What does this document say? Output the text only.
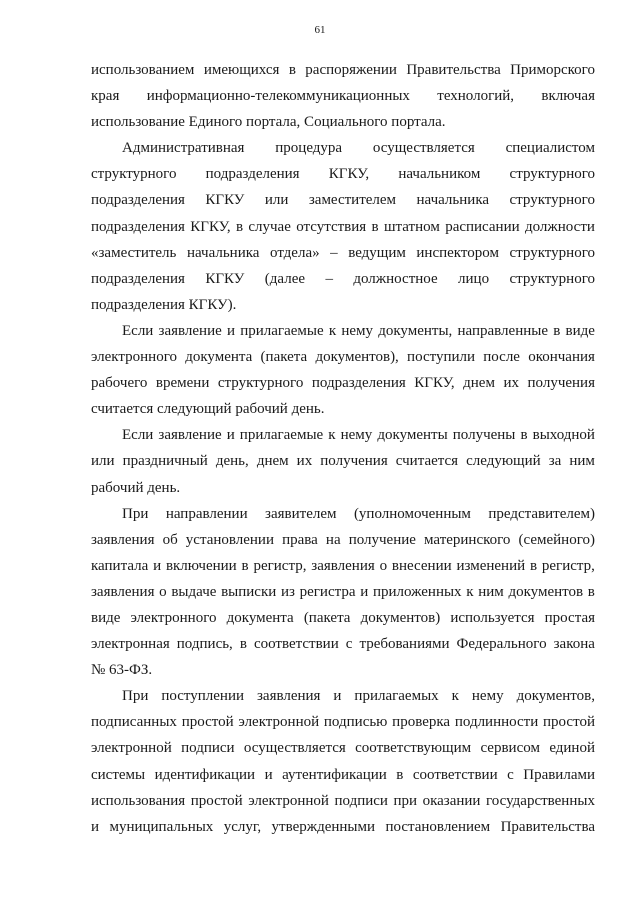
61
использованием имеющихся в распоряжении Правительства Приморского
края информационно-телекоммуникационных технологий, включая
использование Единого портала, Социального портала.
Административная процедура осуществляется специалистом
структурного подразделения КГКУ, начальником структурного
подразделения КГКУ или заместителем начальника структурного
подразделения КГКУ, в случае отсутствия в штатном расписании должности
«заместитель начальника отдела» – ведущим инспектором структурного
подразделения КГКУ (далее – должностное лицо структурного
подразделения КГКУ).
Если заявление и прилагаемые к нему документы, направленные в виде
электронного документа (пакета документов), поступили после окончания
рабочего времени структурного подразделения КГКУ, днем их получения
считается следующий рабочий день.
Если заявление и прилагаемые к нему документы получены в выходной
или праздничный день, днем их получения считается следующий за ним
рабочий день.
При направлении заявителем (уполномоченным представителем)
заявления об установлении права на получение материнского (семейного)
капитала и включении в регистр, заявления о внесении изменений в регистр,
заявления о выдаче выписки из регистра и приложенных к ним документов в
виде электронного документа (пакета документов) используется простая
электронная подпись, в соответствии с требованиями Федерального закона
№ 63-ФЗ.
При поступлении заявления и прилагаемых к нему документов,
подписанных простой электронной подписью проверка подлинности простой
электронной подписи осуществляется соответствующим сервисом единой
системы идентификации и аутентификации в соответствии с Правилами
использования простой электронной подписи при оказании государственных
и муниципальных услуг, утвержденными постановлением Правительства
